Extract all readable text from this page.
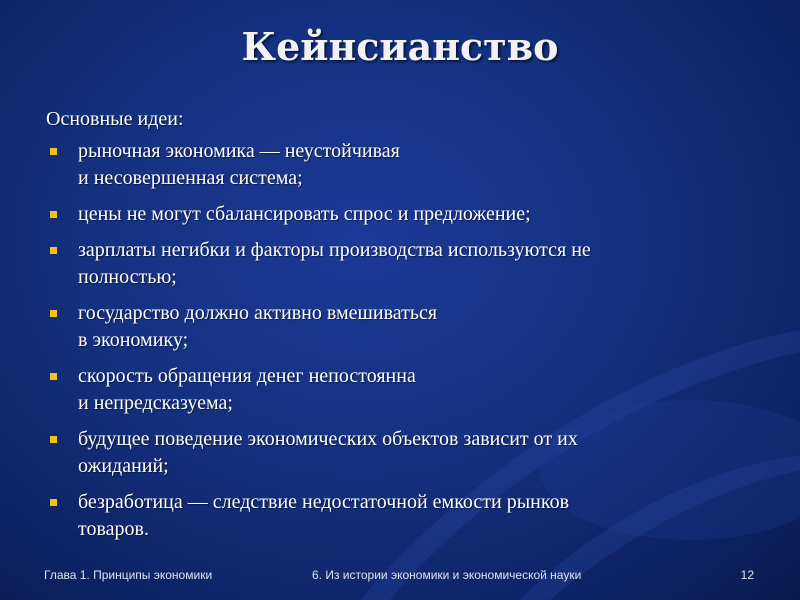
Кейнсианство

Основные идеи:

рыночная экономика — неустойчивая
и несовершенная система;
цены не могут сбалансировать спрос и предложение;
зарплаты негибки и факторы производства используются не
полностью;
государство должно активно вмешиваться
в экономику;
скорость обращения денег непостоянна
и непредсказуема;
будущее поведение экономических объектов зависит от их
ожиданий;
безработица — следствие недостаточной емкости рынков
товаров.
Глава 1. Принципы экономики	6. Из истории экономики и экономической науки	12
